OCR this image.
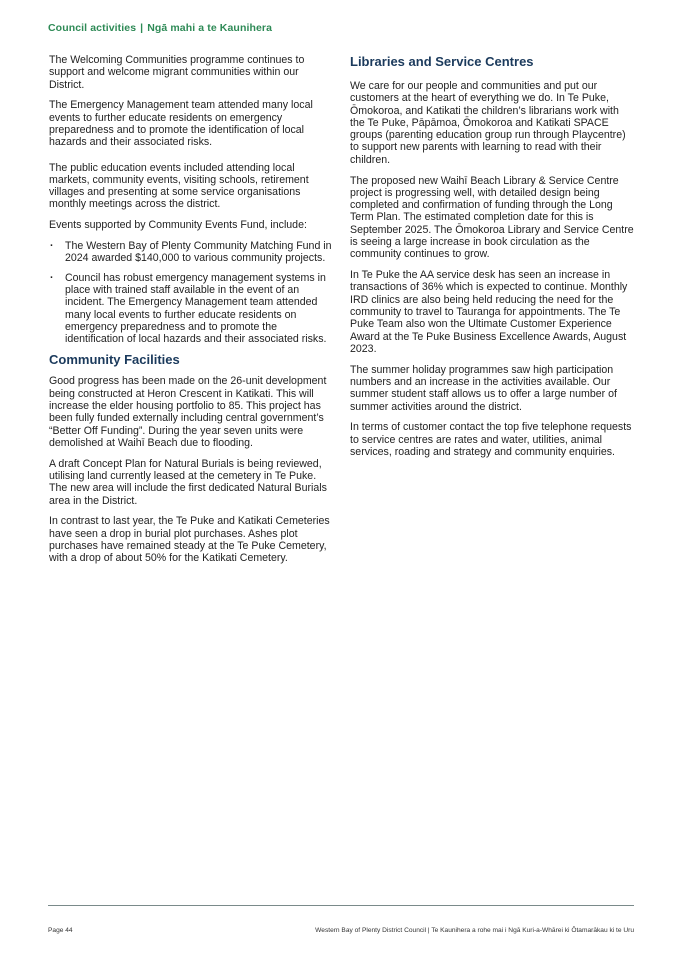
Council activities | Ngā mahi a te Kaunihera

The Welcoming Communities programme continues to support and welcome migrant communities within our District.

The Emergency Management team attended many local events to further educate residents on emergency preparedness and to promote the identification of local hazards and their associated risks.

The public education events included attending local markets, community events, visiting schools, retirement villages and presenting at some service organisations monthly meetings across the district.

Events supported by Community Events Fund, include:

· The Western Bay of Plenty Community Matching Fund in 2024 awarded $140,000 to various community projects.
· Council has robust emergency management systems in place with trained staff available in the event of an incident. The Emergency Management team attended many local events to further educate residents on emergency preparedness and to promote the identification of local hazards and their associated risks.
Community Facilities

Good progress has been made on the 26-unit development being constructed at Heron Crescent in Katikati. This will increase the elder housing portfolio to 85. This project has been fully funded externally including central government’s “Better Off Funding”. During the year seven units were demolished at Waihī Beach due to flooding.

A draft Concept Plan for Natural Burials is being reviewed, utilising land currently leased at the cemetery in Te Puke. The new area will include the first dedicated Natural Burials area in the District.

In contrast to last year, the Te Puke and Katikati Cemeteries have seen a drop in burial plot purchases. Ashes plot purchases have remained steady at the Te Puke Cemetery, with a drop of about 50% for the Katikati Cemetery.

Libraries and Service Centres

We care for our people and communities and put our customers at the heart of everything we do. In Te Puke, Ōmokoroa, and Katikati the children’s librarians work with the Te Puke, Pāpāmoa, Ōmokoroa and Katikati SPACE groups (parenting education group run through Playcentre) to support new parents with learning to read with their children.

The proposed new Waihī Beach Library & Service Centre project is progressing well, with detailed design being completed and confirmation of funding through the Long Term Plan. The estimated completion date for this is September 2025. The Ōmokoroa Library and Service Centre is seeing a large increase in book circulation as the community continues to grow.

In Te Puke the AA service desk has seen an increase in transactions of 36% which is expected to continue. Monthly IRD clinics are also being held reducing the need for the community to travel to Tauranga for appointments. The Te Puke Team also won the Ultimate Customer Experience Award at the Te Puke Business Excellence Awards, August 2023.

The summer holiday programmes saw high participation numbers and an increase in the activities available. Our summer student staff allows us to offer a large number of summer activities around the district.

In terms of customer contact the top five telephone requests to service centres are rates and water, utilities, animal services, roading and strategy and community enquiries.

Page 44	Western Bay of Plenty District Council | Te Kaunihera a rohe mai i Ngā Kuri-a-Whārei ki Ōtamarākau ki te Uru
